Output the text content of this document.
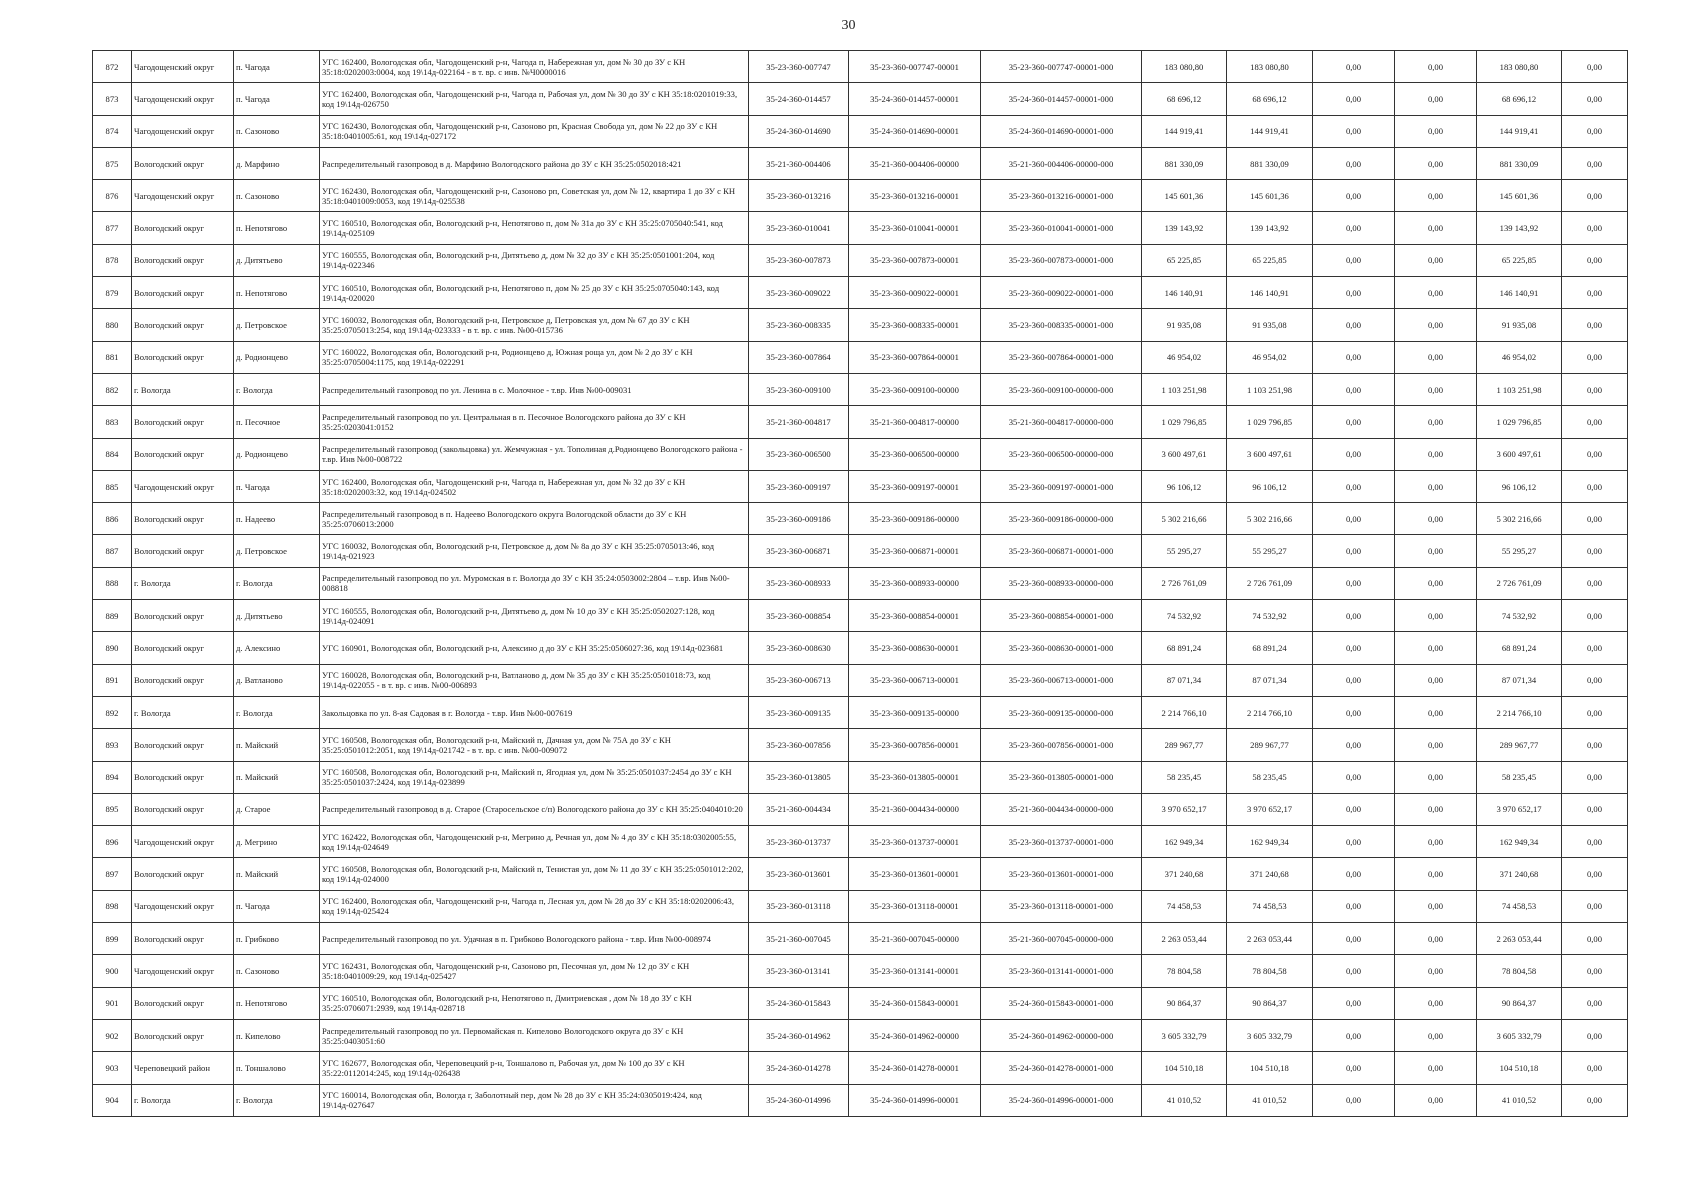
30
872	Чагодощенский округ	п. Чагода	УГС 162400, Вологодская обл, Чагодощенский р-н, Чагода п, Набережная ул, дом № 30 до ЗУ с КН 35:18:0202003:0004, код 19\14д-022164 - в т. вр. с инв. №Ч0000016	35-23-360-007747	35-23-360-007747-00001	35-23-360-007747-00001-000	183 080,80	183 080,80	0,00	0,00	183 080,80	0,00
873	Чагодощенский округ	п. Чагода	УГС 162400, Вологодская обл, Чагодощенский р-н, Чагода п, Рабочая ул, дом № 30 до ЗУ с КН 35:18:0201019:33, код 19\14д-026750	35-24-360-014457	35-24-360-014457-00001	35-24-360-014457-00001-000	68 696,12	68 696,12	0,00	0,00	68 696,12	0,00
874	Чагодощенский округ	п. Сазоново	УГС 162430, Вологодская обл, Чагодощенский р-н, Сазоново рп, Красная Свобода ул, дом № 22 до ЗУ с КН 35:18:0401005:61, код 19\14д-027172	35-24-360-014690	35-24-360-014690-00001	35-24-360-014690-00001-000	144 919,41	144 919,41	0,00	0,00	144 919,41	0,00
875	Вологодский округ	д. Марфино	Распределительный газопровод в д. Марфино Вологодского района до ЗУ с КН 35:25:0502018:421	35-21-360-004406	35-21-360-004406-00000	35-21-360-004406-00000-000	881 330,09	881 330,09	0,00	0,00	881 330,09	0,00
876	Чагодощенский округ	п. Сазоново	УГС 162430, Вологодская обл, Чагодощенский р-н, Сазоново рп, Советская ул, дом № 12, квартира 1 до ЗУ с КН 35:18:0401009:0053, код 19\14д-025538	35-23-360-013216	35-23-360-013216-00001	35-23-360-013216-00001-000	145 601,36	145 601,36	0,00	0,00	145 601,36	0,00
877	Вологодский округ	п. Непотягово	УГС 160510, Вологодская обл, Вологодский р-н, Непотягово п, дом № 31а до ЗУ с КН 35:25:0705040:541, код 19\14д-025109	35-23-360-010041	35-23-360-010041-00001	35-23-360-010041-00001-000	139 143,92	139 143,92	0,00	0,00	139 143,92	0,00
878	Вологодский округ	д. Дитятьево	УГС 160555, Вологодская обл, Вологодский р-н, Дитятьево д, дом № 32 до ЗУ с КН 35:25:0501001:204, код 19\14д-022346	35-23-360-007873	35-23-360-007873-00001	35-23-360-007873-00001-000	65 225,85	65 225,85	0,00	0,00	65 225,85	0,00
879	Вологодский округ	п. Непотягово	УГС 160510, Вологодская обл, Вологодский р-н, Непотягово п, дом № 25 до ЗУ с КН 35:25:0705040:143, код 19\14д-020020	35-23-360-009022	35-23-360-009022-00001	35-23-360-009022-00001-000	146 140,91	146 140,91	0,00	0,00	146 140,91	0,00
880	Вологодский округ	д. Петровское	УГС 160032, Вологодская обл, Вологодский р-н, Петровское д, Петровская ул, дом № 67 до ЗУ с КН 35:25:0705013:254, код 19\14д-023333 - в т. вр. с инв. №00-015736	35-23-360-008335	35-23-360-008335-00001	35-23-360-008335-00001-000	91 935,08	91 935,08	0,00	0,00	91 935,08	0,00
881	Вологодский округ	д. Родионцево	УГС 160022, Вологодская обл, Вологодский р-н, Родионцево д, Южная роща ул, дом № 2 до ЗУ с КН 35:25:0705004:1175, код 19\14д-022291	35-23-360-007864	35-23-360-007864-00001	35-23-360-007864-00001-000	46 954,02	46 954,02	0,00	0,00	46 954,02	0,00
882	г. Вологда	г. Вологда	Распределительный газопровод по ул. Ленина в с. Молочное - т.вр. Инв №00-009031	35-23-360-009100	35-23-360-009100-00000	35-23-360-009100-00000-000	1 103 251,98	1 103 251,98	0,00	0,00	1 103 251,98	0,00
883	Вологодский округ	п. Песочное	Распределительный газопровод по ул. Центральная в п. Песочное Вологодского района до ЗУ с КН 35:25:0203041:0152	35-21-360-004817	35-21-360-004817-00000	35-21-360-004817-00000-000	1 029 796,85	1 029 796,85	0,00	0,00	1 029 796,85	0,00
884	Вологодский округ	д. Родионцево	Распределительный газопровод (закольцовка) ул. Жемчужная - ул. Тополиная д.Родионцево Вологодского района - т.вр. Инв №00-008722	35-23-360-006500	35-23-360-006500-00000	35-23-360-006500-00000-000	3 600 497,61	3 600 497,61	0,00	0,00	3 600 497,61	0,00
885	Чагодощенский округ	п. Чагода	УГС 162400, Вологодская обл, Чагодощенский р-н, Чагода п, Набережная ул, дом № 32 до ЗУ с КН 35:18:0202003:32, код 19\14д-024502	35-23-360-009197	35-23-360-009197-00001	35-23-360-009197-00001-000	96 106,12	96 106,12	0,00	0,00	96 106,12	0,00
886	Вологодский округ	п. Надеево	Распределительный газопровод в п. Надеево Вологодского округа Вологодской области до ЗУ с КН 35:25:0706013:2000	35-23-360-009186	35-23-360-009186-00000	35-23-360-009186-00000-000	5 302 216,66	5 302 216,66	0,00	0,00	5 302 216,66	0,00
887	Вологодский округ	д. Петровское	УГС 160032, Вологодская обл, Вологодский р-н, Петровское д, дом № 8а до ЗУ с КН 35:25:0705013:46, код 19\14д-021923	35-23-360-006871	35-23-360-006871-00001	35-23-360-006871-00001-000	55 295,27	55 295,27	0,00	0,00	55 295,27	0,00
888	г. Вологда	г. Вологда	Распределительный газопровод по ул. Муромская в г. Вологда до ЗУ с КН 35:24:0503002:2804 – т.вр. Инв №00-008818	35-23-360-008933	35-23-360-008933-00000	35-23-360-008933-00000-000	2 726 761,09	2 726 761,09	0,00	0,00	2 726 761,09	0,00
889	Вологодский округ	д. Дитятьево	УГС 160555, Вологодская обл, Вологодский р-н, Дитятьево д, дом № 10 до ЗУ с КН 35:25:0502027:128, код 19\14д-024091	35-23-360-008854	35-23-360-008854-00001	35-23-360-008854-00001-000	74 532,92	74 532,92	0,00	0,00	74 532,92	0,00
890	Вологодский округ	д. Алексино	УГС 160901, Вологодская обл, Вологодский р-н, Алексино д до ЗУ с КН 35:25:0506027:36, код 19\14д-023681	35-23-360-008630	35-23-360-008630-00001	35-23-360-008630-00001-000	68 891,24	68 891,24	0,00	0,00	68 891,24	0,00
891	Вологодский округ	д. Ватланово	УГС 160028, Вологодская обл, Вологодский р-н, Ватланово д, дом № 35 до ЗУ с КН 35:25:0501018:73, код 19\14д-022055 - в т. вр. с инв. №00-006893	35-23-360-006713	35-23-360-006713-00001	35-23-360-006713-00001-000	87 071,34	87 071,34	0,00	0,00	87 071,34	0,00
892	г. Вологда	г. Вологда	Закольцовка по ул. 8-ая Садовая в г. Вологда - т.вр. Инв №00-007619	35-23-360-009135	35-23-360-009135-00000	35-23-360-009135-00000-000	2 214 766,10	2 214 766,10	0,00	0,00	2 214 766,10	0,00
893	Вологодский округ	п. Майский	УГС 160508, Вологодская обл, Вологодский р-н, Майский п, Дачная ул, дом № 75А до ЗУ с КН 35:25:0501012:2051, код 19\14д-021742 - в т. вр. с инв. №00-009072	35-23-360-007856	35-23-360-007856-00001	35-23-360-007856-00001-000	289 967,77	289 967,77	0,00	0,00	289 967,77	0,00
894	Вологодский округ	п. Майский	УГС 160508, Вологодская обл, Вологодский р-н, Майский п, Ягодная ул, дом № 35:25:0501037:2454 до ЗУ с КН 35:25:0501037:2424, код 19\14д-023899	35-23-360-013805	35-23-360-013805-00001	35-23-360-013805-00001-000	58 235,45	58 235,45	0,00	0,00	58 235,45	0,00
895	Вологодский округ	д. Старое	Распределительный газопровод в д. Старое (Старосельское с/п) Вологодского района до ЗУ с КН 35:25:0404010:20	35-21-360-004434	35-21-360-004434-00000	35-21-360-004434-00000-000	3 970 652,17	3 970 652,17	0,00	0,00	3 970 652,17	0,00
896	Чагодощенский округ	д. Мегрино	УГС 162422, Вологодская обл, Чагодощенский р-н, Мегрино д, Речная ул, дом № 4 до ЗУ с КН 35:18:0302005:55, код 19\14д-024649	35-23-360-013737	35-23-360-013737-00001	35-23-360-013737-00001-000	162 949,34	162 949,34	0,00	0,00	162 949,34	0,00
897	Вологодский округ	п. Майский	УГС 160508, Вологодская обл, Вологодский р-н, Майский п, Тенистая ул, дом № 11 до ЗУ с КН 35:25:0501012:202, код 19\14д-024000	35-23-360-013601	35-23-360-013601-00001	35-23-360-013601-00001-000	371 240,68	371 240,68	0,00	0,00	371 240,68	0,00
898	Чагодощенский округ	п. Чагода	УГС 162400, Вологодская обл, Чагодощенский р-н, Чагода п, Лесная ул, дом № 28 до ЗУ с КН 35:18:0202006:43, код 19\14д-025424	35-23-360-013118	35-23-360-013118-00001	35-23-360-013118-00001-000	74 458,53	74 458,53	0,00	0,00	74 458,53	0,00
899	Вологодский округ	п. Грибково	Распределительный газопровод по ул. Удачная в п. Грибково Вологодского района - т.вр. Инв №00-008974	35-21-360-007045	35-21-360-007045-00000	35-21-360-007045-00000-000	2 263 053,44	2 263 053,44	0,00	0,00	2 263 053,44	0,00
900	Чагодощенский округ	п. Сазоново	УГС 162431, Вологодская обл, Чагодощенский р-н, Сазоново рп, Песочная ул, дом № 12 до ЗУ с КН 35:18:0401009:29, код 19\14д-025427	35-23-360-013141	35-23-360-013141-00001	35-23-360-013141-00001-000	78 804,58	78 804,58	0,00	0,00	78 804,58	0,00
901	Вологодский округ	п. Непотягово	УГС 160510, Вологодская обл, Вологодский р-н, Непотягово п, Дмитриевская , дом № 18 до ЗУ с КН 35:25:0706071:2939, код 19\14д-028718	35-24-360-015843	35-24-360-015843-00001	35-24-360-015843-00001-000	90 864,37	90 864,37	0,00	0,00	90 864,37	0,00
902	Вологодский округ	п. Кипелово	Распределительный газопровод по ул. Первомайская п. Кипелово Вологодского округа до ЗУ с КН 35:25:0403051:60	35-24-360-014962	35-24-360-014962-00000	35-24-360-014962-00000-000	3 605 332,79	3 605 332,79	0,00	0,00	3 605 332,79	0,00
903	Череповецкий район	п. Тоншалово	УГС 162677, Вологодская обл, Череповецкий р-н, Тоншалово п, Рабочая ул, дом № 100 до ЗУ с КН 35:22:0112014:245, код 19\14д-026438	35-24-360-014278	35-24-360-014278-00001	35-24-360-014278-00001-000	104 510,18	104 510,18	0,00	0,00	104 510,18	0,00
904	г. Вологда	г. Вологда	УГС 160014, Вологодская обл, Вологда г, Заболотный пер, дом № 28 до ЗУ с КН 35:24:0305019:424, код 19\14д-027647	35-24-360-014996	35-24-360-014996-00001	35-24-360-014996-00001-000	41 010,52	41 010,52	0,00	0,00	41 010,52	0,00
